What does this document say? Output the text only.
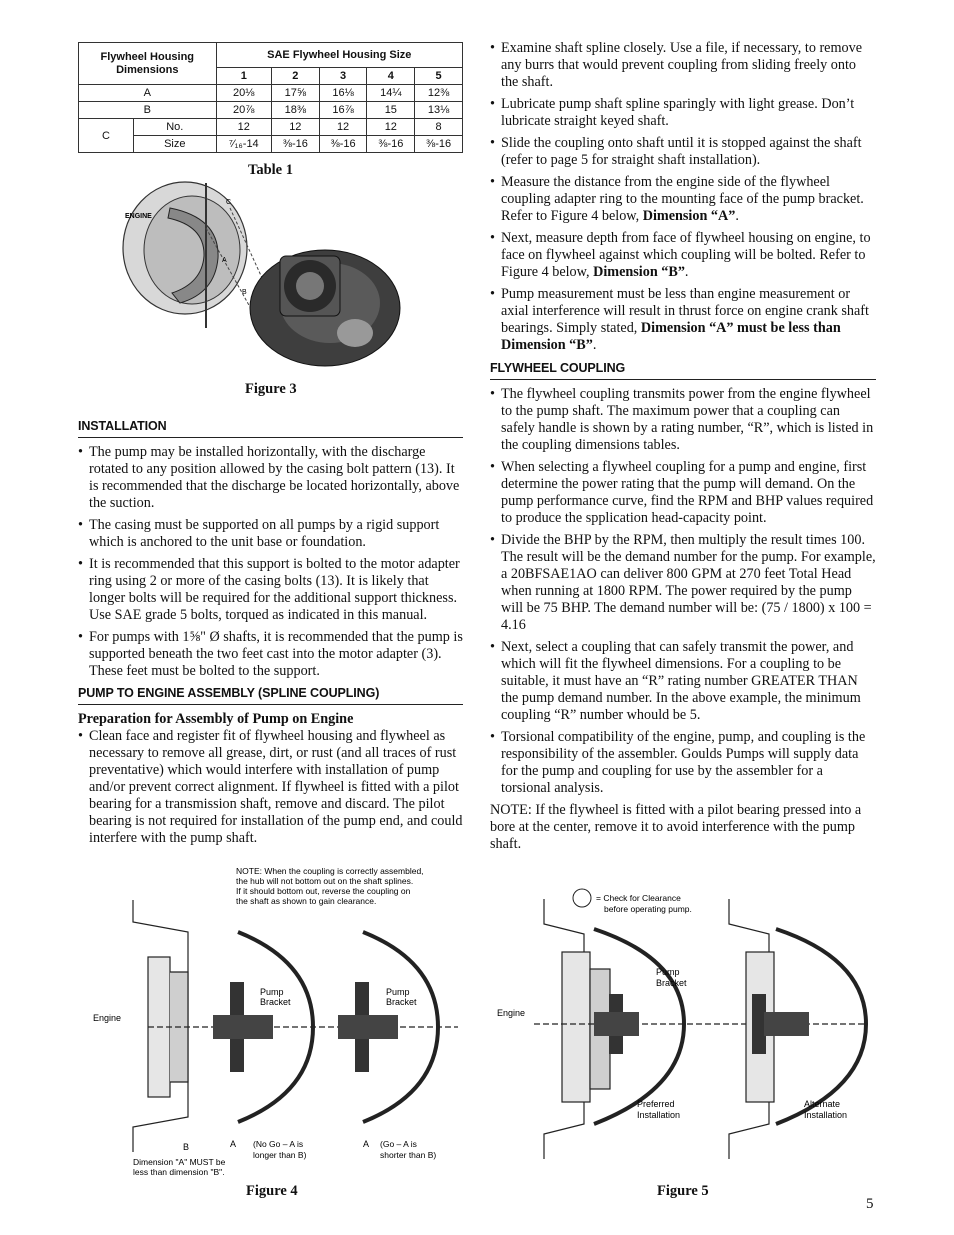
Flywheel Housing Dimensions		SAE Flywheel Housing Size				
		1	2	3	4	5
A		20⅛	17⅝	16⅛	14¼	12⅜
B		20⅞	18⅜	16⅞	15	13⅛
C	No.	12	12	12	12	8
	Size	⁷⁄₁₆-14	⅜-16	⅜-16	⅜-16	⅜-16
Table 1
ENGINE
C
A
B
Figure 3
INSTALLATION
• The pump may be installed horizontally, with the discharge rotated to any position allowed by the casing bolt pattern (13). It is recommended that the discharge be located horizontally, above the suction.
• The casing must be supported on all pumps by a rigid support which is anchored to the unit base or foundation.
• It is recommended that this support is bolted to the motor adapter ring using 2 or more of the casing bolts (13). It is likely that longer bolts will be required for the additional support thickness. Use SAE grade 5 bolts, torqued as indicated in this manual.
• For pumps with 1⅝" Ø shafts, it is recommended that the pump is supported beneath the two feet cast into the motor adapter (3). These feet must be bolted to the support.
PUMP TO ENGINE ASSEMBLY (SPLINE COUPLING)
Preparation for Assembly of Pump on Engine
• Clean face and register fit of flywheel housing and flywheel as necessary to remove all grease, dirt, or rust (and all traces of rust preventative) which would interfere with installation of pump and/or prevent correct alignment. If flywheel is fitted with a pilot bearing for a transmission shaft, remove and discard. The pilot bearing is not required for installation of the pump end, and could interfere with the pump shaft.
• Examine shaft spline closely. Use a file, if necessary, to remove any burrs that would prevent coupling from sliding freely onto the shaft.
• Lubricate pump shaft spline sparingly with light grease. Don’t lubricate straight keyed shaft.
• Slide the coupling onto shaft until it is stopped against the shaft (refer to page 5 for straight shaft installation).
• Measure the distance from the engine side of the flywheel coupling adapter ring to the mounting face of the pump bracket. Refer to Figure 4 below, Dimension “A”.
• Next, measure depth from face of flywheel housing on engine, to face on flywheel against which coupling will be bolted. Refer to Figure 4 below, Dimension “B”.
• Pump measurement must be less than engine measurement or axial interference will result in thrust force on engine crank shaft bearings. Simply stated, Dimension “A” must be less than Dimension “B”.
FLYWHEEL COUPLING
• The flywheel coupling transmits power from the engine flywheel to the pump shaft. The maximum power that a coupling can safely handle is shown by a rating number, “R”, which is listed in the coupling dimensions tables.
• When selecting a flywheel coupling for a pump and engine, first determine the power rating that the pump will demand. On the pump performance curve, find the RPM and BHP values required to produce the spplication head-capacity point.
• Divide the BHP by the RPM, then multiply the result times 100. The result will be the demand number for the pump. For example, a 20BFSAE1AO can deliver 800 GPM at 270 feet Total Head when running at 1800 RPM. The power required by the pump will be 75 BHP. The demand number will be: (75 / 1800) x 100 = 4.16
• Next, select a coupling that can safely transmit the power, and which will fit the flywheel dimensions. For a coupling to be suitable, it must have an “R” rating number GREATER THAN the pump demand number. In the above example, the minimum coupling “R” number whould be 5.
• Torsional compatibility of the engine, pump, and coupling is the responsibility of the assembler. Goulds Pumps will supply data for the pump and coupling for use by the assembler for a torsional analysis.
NOTE: If the flywheel is fitted with a pilot bearing pressed into a bore at the center, remove it to avoid interference with the pump shaft.
NOTE: When the coupling is correctly assembled,
the hub will not bottom out on the shaft splines.
If it should bottom out, reverse the coupling on
the shaft as shown to gain clearance.
Engine
Pump
Bracket
Pump
Bracket
B	A (No Go – A is
longer than B)
A (Go – A is
shorter than B)
Dimension "A" MUST be
less than dimension "B".
Figure 4
= Check for Clearance
before operating pump.
Engine
Pump
Bracket
Preferred
Installation
Alternate
Installation
Figure 5
5
